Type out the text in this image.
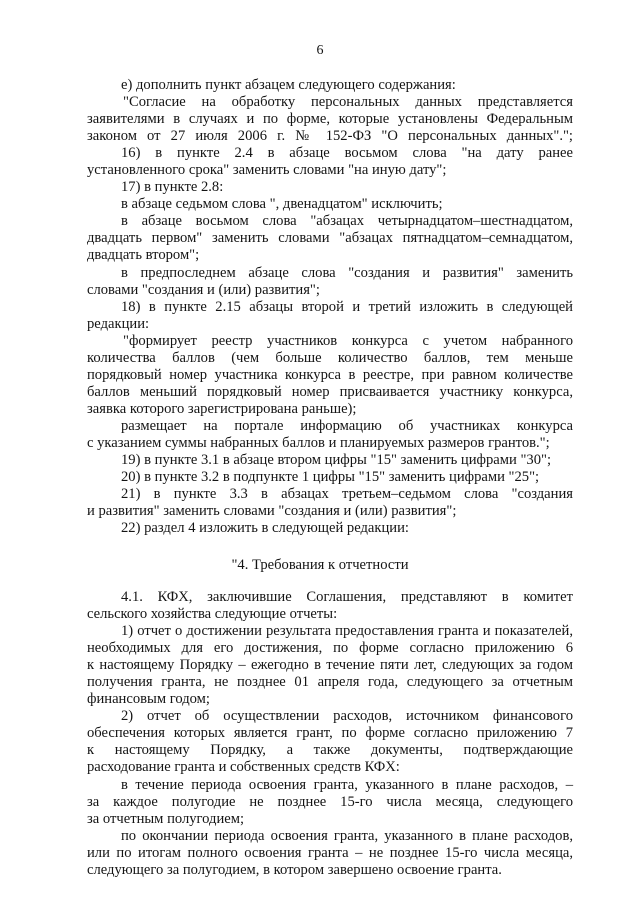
6
е) дополнить пункт абзацем следующего содержания:
"Согласие на обработку персональных данных представляется
заявителями в случаях и по форме, которые установлены Федеральным
законом от 27 июля 2006 г. № 152-ФЗ "О персональных данных".";
16) в пункте 2.4 в абзаце восьмом слова "на дату ранее
установленного срока" заменить словами "на иную дату";
17) в пункте 2.8:
в абзаце седьмом слова ", двенадцатом" исключить;
в абзаце восьмом слова "абзацах четырнадцатом–шестнадцатом,
двадцать первом" заменить словами "абзацах пятнадцатом–семнадцатом,
двадцать втором";
в предпоследнем абзаце слова "создания и развития" заменить
словами "создания и (или) развития";
18) в пункте 2.15 абзацы второй и третий изложить в следующей
редакции:
"формирует реестр участников конкурса с учетом набранного
количества баллов (чем больше количество баллов, тем меньше
порядковый номер участника конкурса в реестре, при равном количестве
баллов меньший порядковый номер присваивается участнику конкурса,
заявка которого зарегистрирована раньше);
размещает на портале информацию об участниках конкурса
с указанием суммы набранных баллов и планируемых размеров грантов.";
19) в пункте 3.1 в абзаце втором цифры "15" заменить цифрами "30";
20) в пункте 3.2 в подпункте 1 цифры "15" заменить цифрами "25";
21) в пункте 3.3 в абзацах третьем–седьмом слова "создания
и развития" заменить словами "создания и (или) развития";
22) раздел 4 изложить в следующей редакции:
"4. Требования к отчетности
4.1. КФХ, заключившие Соглашения, представляют в комитет
сельского хозяйства следующие отчеты:
1) отчет о достижении результата предоставления гранта и показателей,
необходимых для его достижения, по форме согласно приложению 6
к настоящему Порядку – ежегодно в течение пяти лет, следующих за годом
получения гранта, не позднее 01 апреля года, следующего за отчетным
финансовым годом;
2) отчет об осуществлении расходов, источником финансового
обеспечения которых является грант, по форме согласно приложению 7
к настоящему Порядку, а также документы, подтверждающие
расходование гранта и собственных средств КФХ:
в течение периода освоения гранта, указанного в плане расходов, –
за каждое полугодие не позднее 15-го числа месяца, следующего
за отчетным полугодием;
по окончании периода освоения гранта, указанного в плане расходов,
или по итогам полного освоения гранта – не позднее 15-го числа месяца,
следующего за полугодием, в котором завершено освоение гранта.
